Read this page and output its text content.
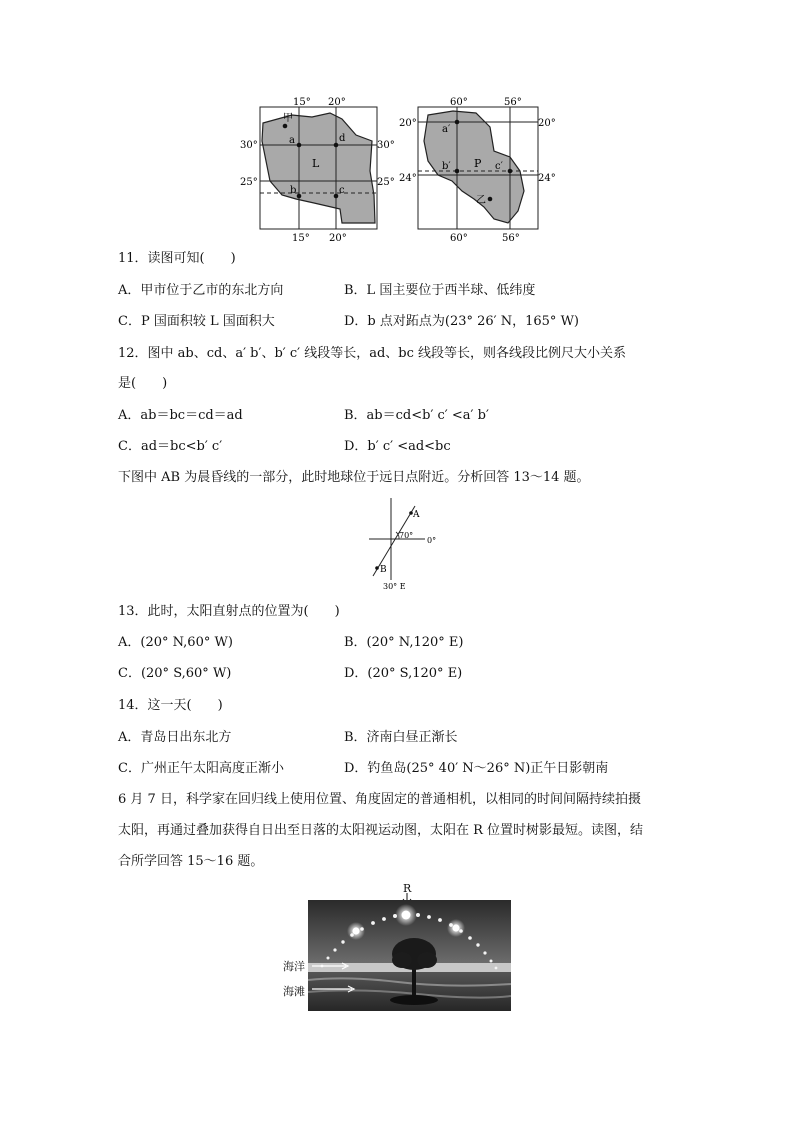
15° 20°
15° 20°
30°
25°
30°
25°
甲
a	d
b	c
L
60°	56°
60°	56°
20°
24°
20°
24°
a′
b′	c′
P
乙
11．读图可知(　　)
A．甲市位于乙市的东北方向	B．L 国主要位于西半球、低纬度
C．P 国面积较 L 国面积大	D．b 点对跖点为(23° 26′ N，165° W)
12．图中 ab、cd、a′ b′、b′ c′ 线段等长，ad、bc 线段等长，则各线段比例尺大小关系
是(　　)
A．ab＝bc＝cd＝ad	B．ab＝cd<b′ c′ <a′ b′
C．ad＝bc<b′ c′	D．b′ c′ <ad<bc
下图中 AB 为晨昏线的一部分，此时地球位于远日点附近。分析回答 13～14 题。
A
B
70°
0°
30° E
13．此时，太阳直射点的位置为(　　)
A．(20° N,60° W)	B．(20° N,120° E)
C．(20° S,60° W)	D．(20° S,120° E)
14．这一天(　　)
A．青岛日出东北方	B．济南白昼正渐长
C．广州正午太阳高度正渐小	D．钓鱼岛(25° 40′ N～26° N)正午日影朝南
6 月 7 日，科学家在回归线上使用位置、角度固定的普通相机，以相同的时间间隔持续拍摄
太阳，再通过叠加获得自日出至日落的太阳视运动图，太阳在 R 位置时树影最短。读图，结
合所学回答 15～16 题。
R
海洋
海滩
